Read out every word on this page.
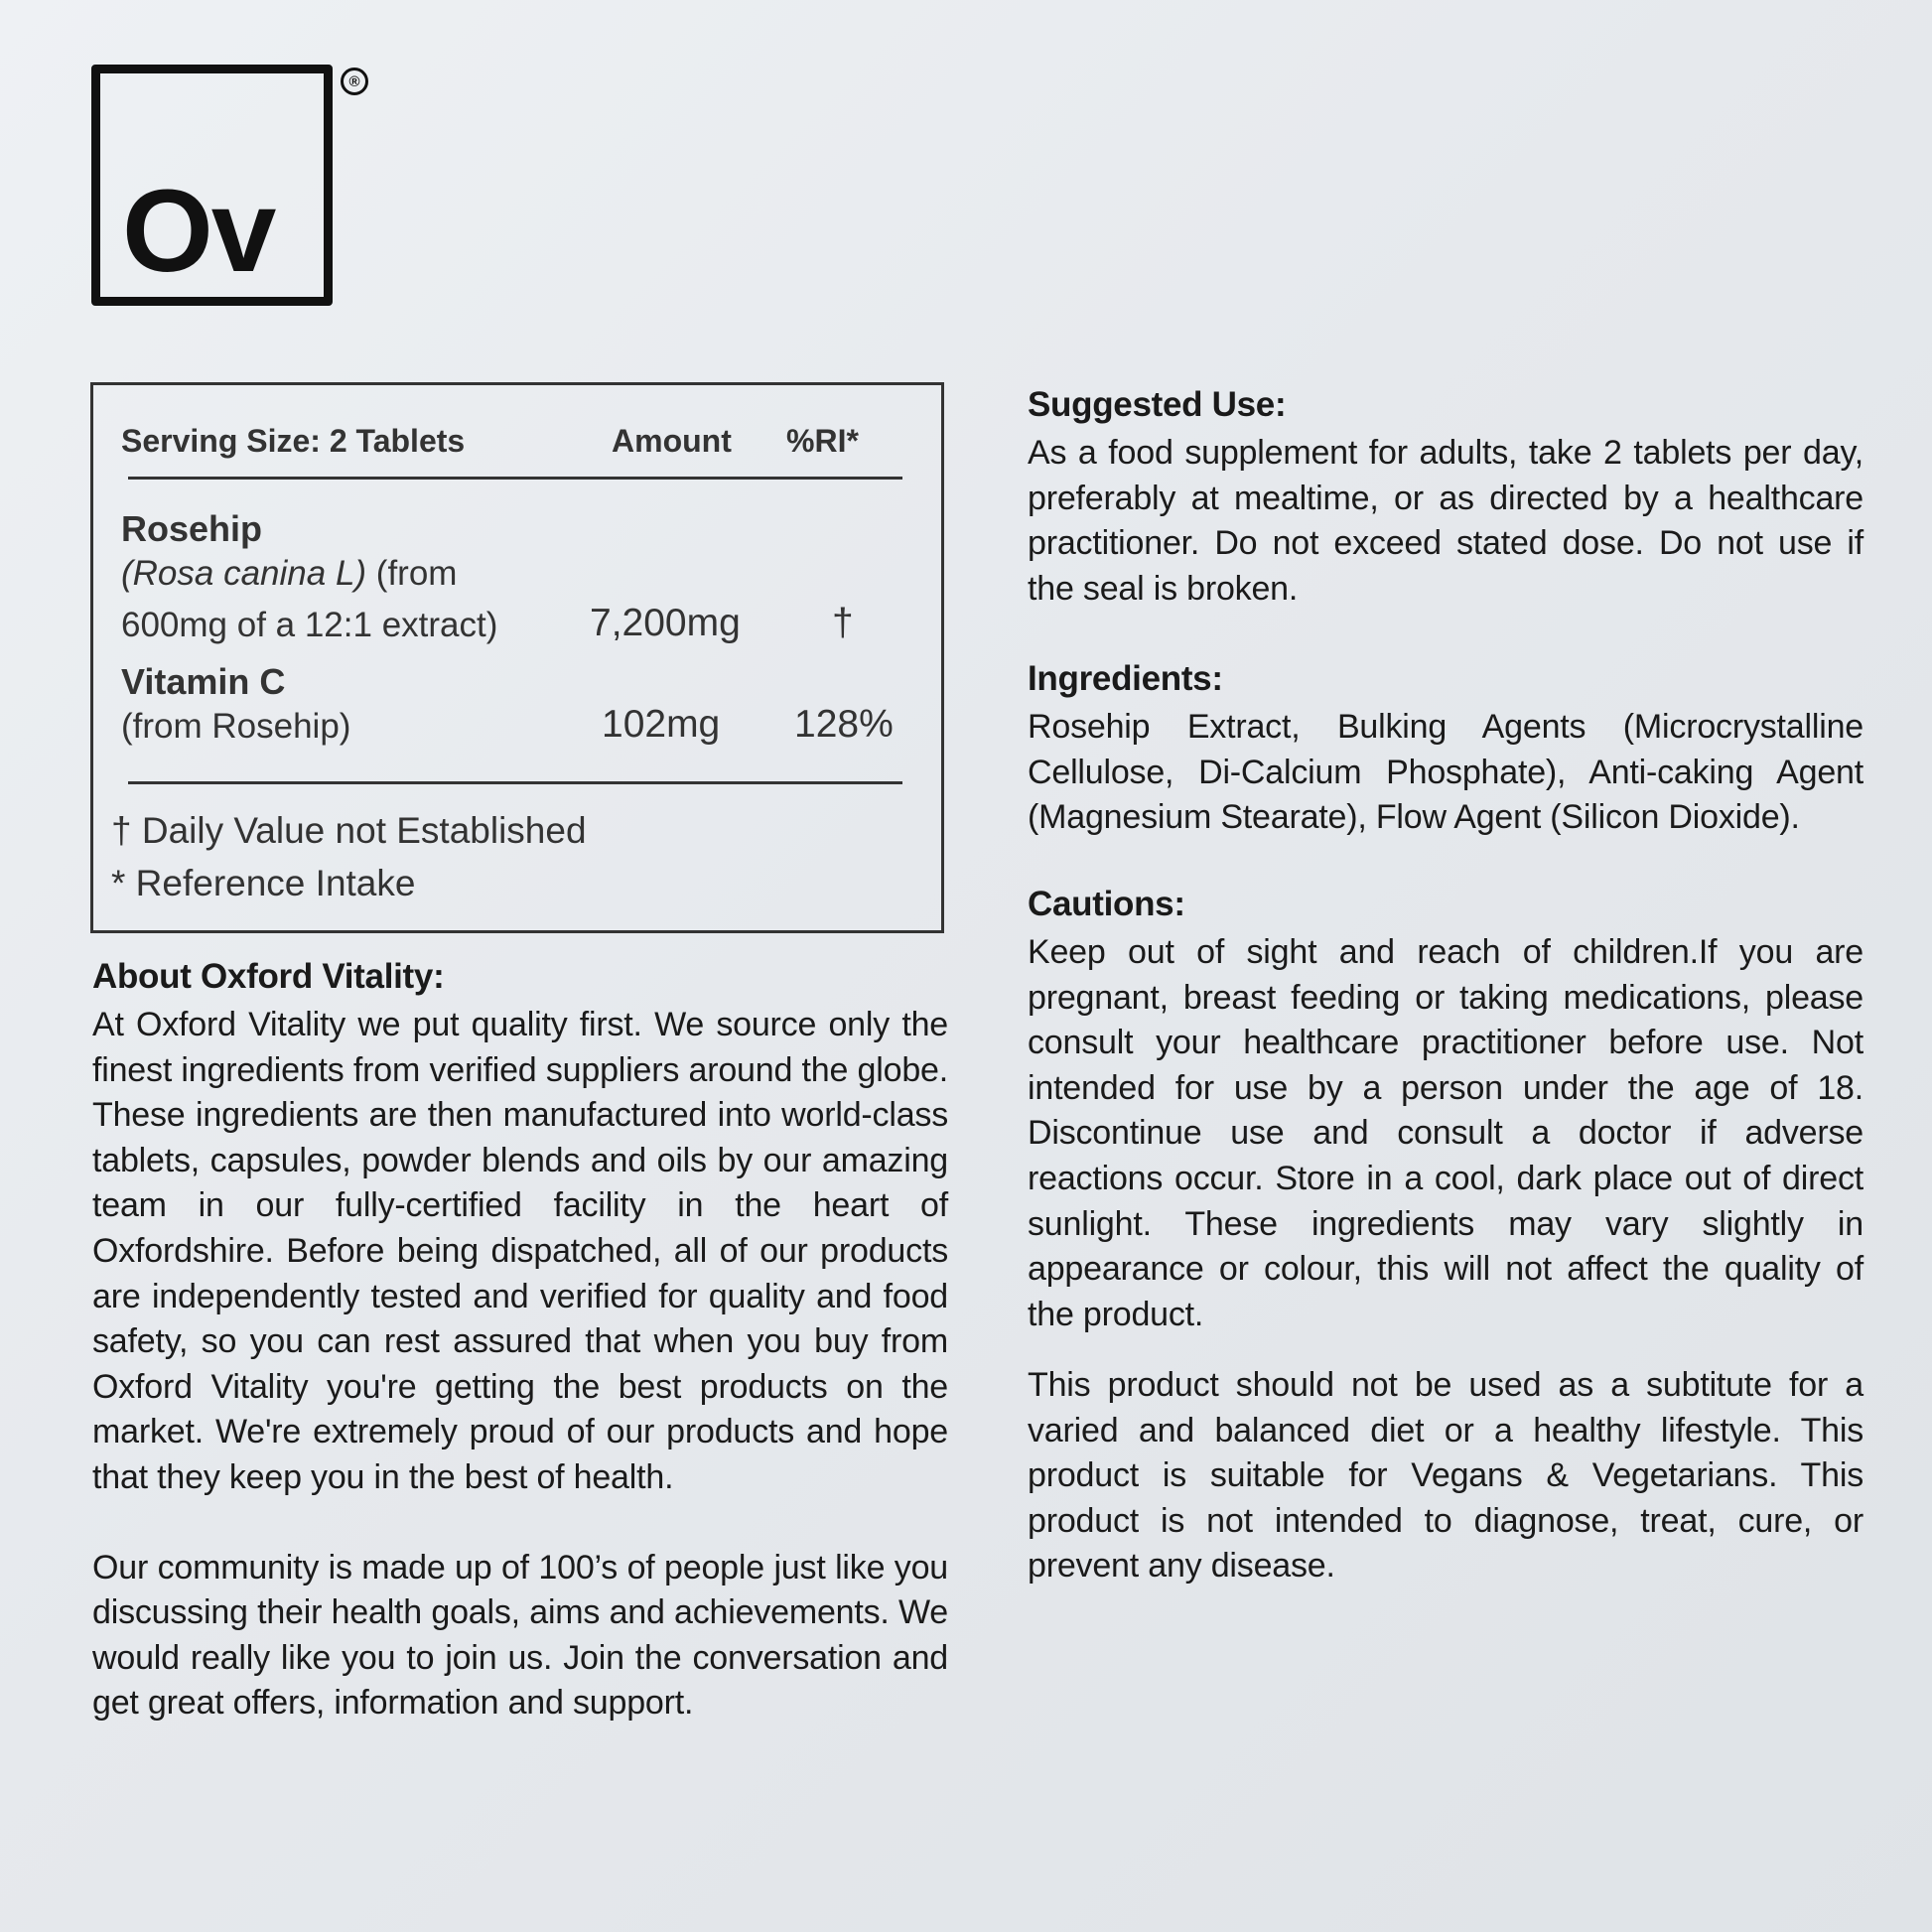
Ov
®
Serving Size: 2 Tablets	Amount %RI*
Rosehip
(Rosa canina L) (from
600mg of a 12:1 extract) 7,200mg †
Vitamin C
(from Rosehip)	102mg 128%
† Daily Value not Established
* Reference Intake
About Oxford Vitality:

At Oxford Vitality we put quality first. We source only the finest ingredients from verified suppliers around the globe. These ingredients are then manufactured into world-class tablets, capsules, powder blends and oils by our amazing team in our fully-certified facility in the heart of Oxfordshire. Before being dispatched, all of our products are independently tested and verified for quality and food safety, so you can rest assured that when you buy from Oxford Vitality you're getting the best products on the market. We're extremely proud of our products and hope that they keep you in the best of health.

Our community is made up of 100’s of people just like you discussing their health goals, aims and achievements. We would really like you to join us. Join the conversation and get great offers, information and support.

Suggested Use:

As a food supplement for adults, take 2 tablets per day, preferably at mealtime, or as directed by a healthcare practitioner. Do not exceed stated dose. Do not use if the seal is broken.

Ingredients:

Rosehip Extract, Bulking Agents (Microcrystalline Cellulose, Di-Calcium Phosphate), Anti-caking Agent (Magnesium Stearate), Flow Agent (Silicon Dioxide).

Cautions:

Keep out of sight and reach of children.If you are pregnant, breast feeding or taking medications, please consult your healthcare practitioner before use. Not intended for use by a person under the age of 18. Discontinue use and consult a doctor if adverse reactions occur. Store in a cool, dark place out of direct sunlight. These ingredients may vary slightly in appearance or colour, this will not affect the quality of the product.

This product should not be used as a subtitute for a varied and balanced diet or a healthy lifestyle. This product is suitable for Vegans & Vegetarians. This product is not intended to diagnose, treat, cure, or prevent any disease.
